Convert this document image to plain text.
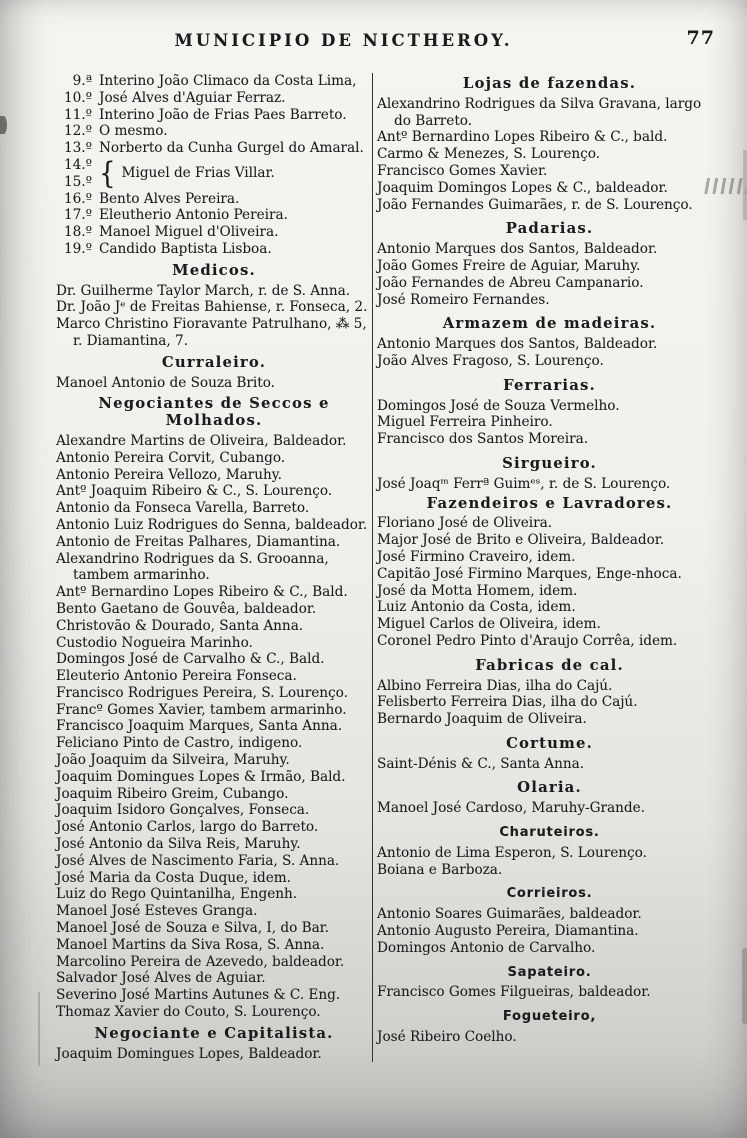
MUNICIPIO DE NICTHEROY.	77
9.ª Interino João Climaco da Costa Lima,
10.º José Alves d'Aguiar Ferraz.
11.º Interino João de Frias Paes Barreto.
12.º O mesmo.
13.º Norberto da Cunha Gurgel do Amaral.
14.º
15.º { Miguel de Frias Villar.
16.º Bento Alves Pereira.
17.º Eleutherio Antonio Pereira.
18.º Manoel Miguel d'Oliveira.
19.º Candido Baptista Lisboa.
Medicos.
Dr. Guilherme Taylor March, r. de S. Anna.
Dr. João Jᵉ de Freitas Bahiense, r. Fonseca, 2.
Marco Christino Fioravante Patrulhano, ⁂ 5, r. Diamantina, 7.
Curraleiro.
Manoel Antonio de Souza Brito.
Negociantes de Seccos e Molhados.
Alexandre Martins de Oliveira, Baldeador.
Antonio Pereira Corvit, Cubango.
Antonio Pereira Vellozo, Maruhy.
Antº Joaquim Ribeiro & C., S. Lourenço.
Antonio da Fonseca Varella, Barreto.
Antonio Luiz Rodrigues do Senna, baldeador.
Antonio de Freitas Palhares, Diamantina.
Alexandrino Rodrigues da S. Grooanna, tambem armarinho.
Antº Bernardino Lopes Ribeiro & C., Bald.
Bento Gaetano de Gouvêa, baldeador.
Christovão & Dourado, Santa Anna.
Custodio Nogueira Marinho.
Domingos José de Carvalho & C., Bald.
Eleuterio Antonio Pereira Fonseca.
Francisco Rodrigues Pereira, S. Lourenço.
Francº Gomes Xavier, tambem armarinho.
Francisco Joaquim Marques, Santa Anna.
Feliciano Pinto de Castro, indigeno.
João Joaquim da Silveira, Maruhy.
Joaquim Domingues Lopes & Irmão, Bald.
Joaquim Ribeiro Greim, Cubango.
Joaquim Isidoro Gonçalves, Fonseca.
José Antonio Carlos, largo do Barreto.
José Antonio da Silva Reis, Maruhy.
José Alves de Nascimento Faria, S. Anna.
José Maria da Costa Duque, idem.
Luiz do Rego Quintanilha, Engenh.
Manoel José Esteves Granga.
Manoel José de Souza e Silva, I, do Bar.
Manoel Martins da Siva Rosa, S. Anna.
Marcolino Pereira de Azevedo, baldeador.
Salvador José Alves de Aguiar.
Severino José Martins Autunes & C. Eng.
Thomaz Xavier do Couto, S. Lourenço.
Negociante e Capitalista.
Joaquim Domingues Lopes, Baldeador.
Lojas de fazendas.
Alexandrino Rodrigues da Silva Gravana, largo do Barreto.
Antº Bernardino Lopes Ribeiro & C., bald.
Carmo & Menezes, S. Lourenço.
Francisco Gomes Xavier.
Joaquim Domingos Lopes & C., baldeador.
João Fernandes Guimarães, r. de S. Lourenço.
Padarias.
Antonio Marques dos Santos, Baldeador.
João Gomes Freire de Aguiar, Maruhy.
João Fernandes de Abreu Campanario.
José Romeiro Fernandes.
Armazem de madeiras.
Antonio Marques dos Santos, Baldeador.
João Alves Fragoso, S. Lourenço.
Ferrarias.
Domingos José de Souza Vermelho.
Miguel Ferreira Pinheiro.
Francisco dos Santos Moreira.
Sirgueiro.
José Joaqᵐ Ferrª Guimᵉˢ, r. de S. Lourenço.
Fazendeiros e Lavradores.
Floriano José de Oliveira.
Major José de Brito e Oliveira, Baldeador.
José Firmino Craveiro, idem.
Capitão José Firmino Marques, Enge-nhoca.
José da Motta Homem, idem.
Luiz Antonio da Costa, idem.
Miguel Carlos de Oliveira, idem.
Coronel Pedro Pinto d'Araujo Corrêa, idem.
Fabricas de cal.
Albino Ferreira Dias, ilha do Cajú.
Felisberto Ferreira Dias, ilha do Cajú.
Bernardo Joaquim de Oliveira.
Cortume.
Saint-Dénis & C., Santa Anna.
Olaria.
Manoel José Cardoso, Maruhy-Grande.
Charuteiros.
Antonio de Lima Esperon, S. Lourenço.
Boiana e Barboza.
Corrieiros.
Antonio Soares Guimarães, baldeador.
Antonio Augusto Pereira, Diamantina.
Domingos Antonio de Carvalho.
Sapateiro.
Francisco Gomes Filgueiras, baldeador.
Fogueteiro,
José Ribeiro Coelho.
